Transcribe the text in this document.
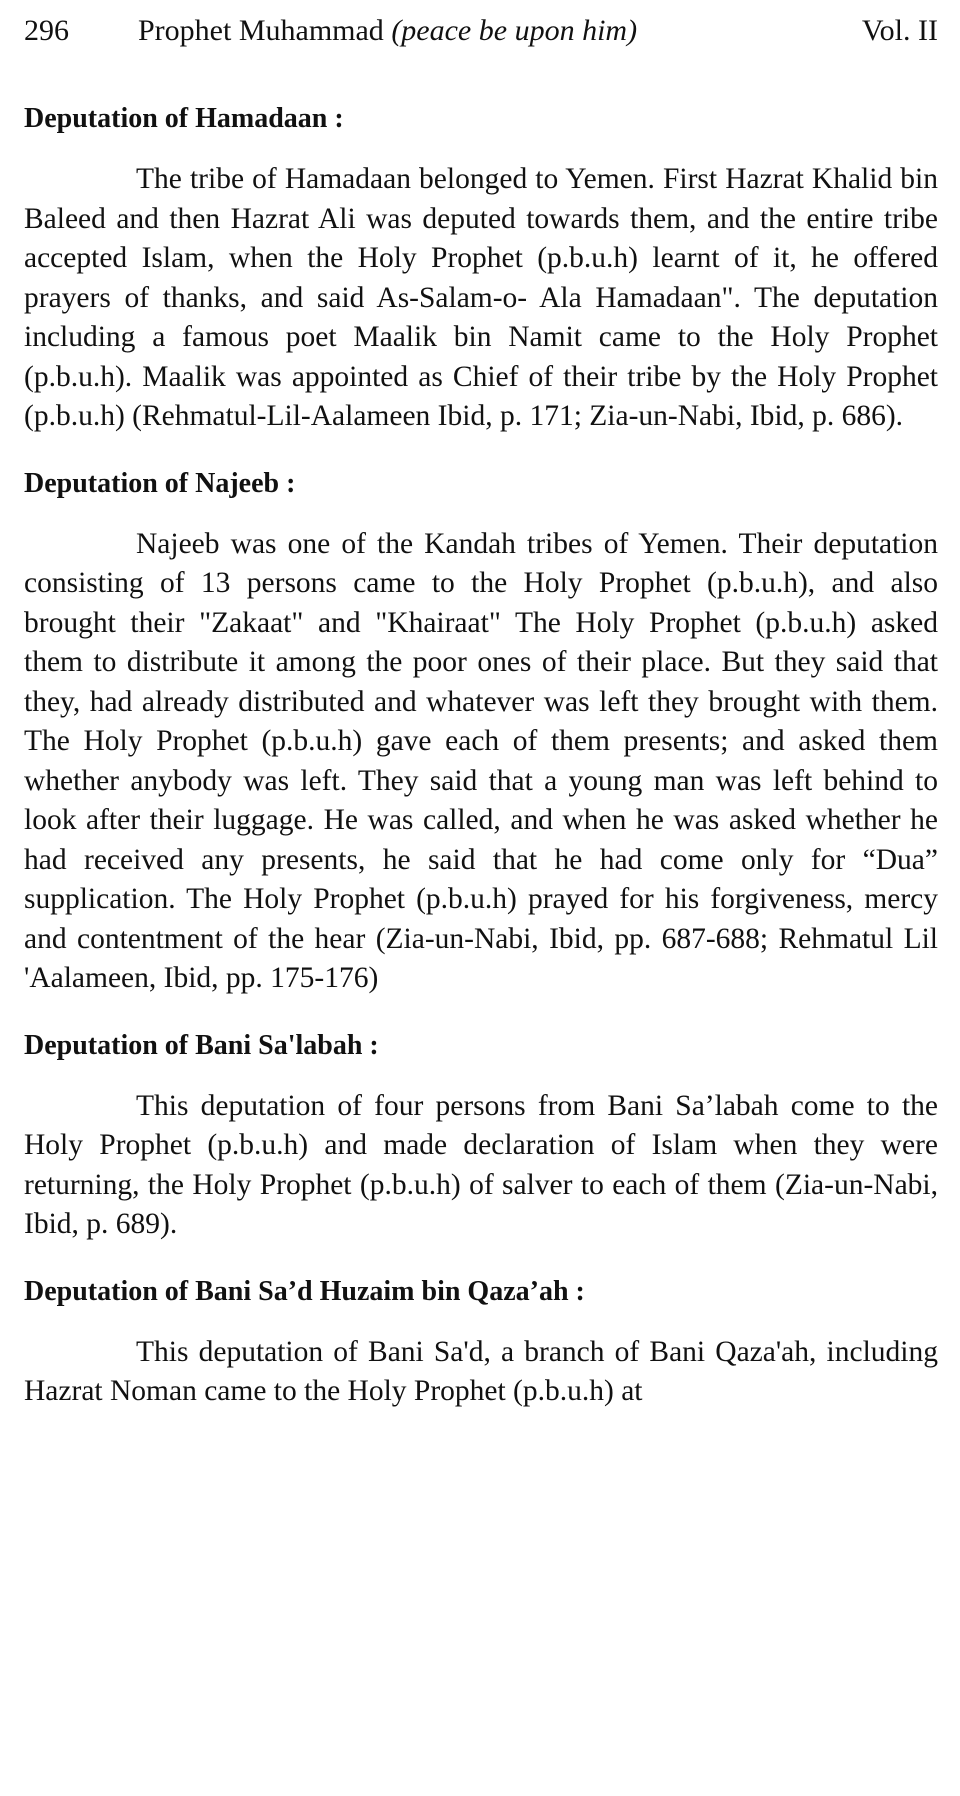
296	Prophet Muhammad (peace be upon him)	Vol. II
Deputation of Hamadaan :

The tribe of Hamadaan belonged to Yemen. First Hazrat Khalid bin Baleed and then Hazrat Ali was deputed towards them, and the entire tribe accepted Islam, when the Holy Prophet (p.b.u.h) learnt of it, he offered prayers of thanks, and said As-Salam-o- Ala Hamadaan". The deputation including a famous poet Maalik bin Namit came to the Holy Prophet (p.b.u.h). Maalik was appointed as Chief of their tribe by the Holy Prophet (p.b.u.h) (Rehmatul-Lil-Aalameen Ibid, p. 171; Zia-un-Nabi, Ibid, p. 686).

Deputation of Najeeb :

Najeeb was one of the Kandah tribes of Yemen. Their deputation consisting of 13 persons came to the Holy Prophet (p.b.u.h), and also brought their "Zakaat" and "Khairaat" The Holy Prophet (p.b.u.h) asked them to distribute it among the poor ones of their place. But they said that they, had already distributed and whatever was left they brought with them. The Holy Prophet (p.b.u.h) gave each of them presents; and asked them whether anybody was left. They said that a young man was left behind to look after their luggage. He was called, and when he was asked whether he had received any presents, he said that he had come only for “Dua” supplication. The Holy Prophet (p.b.u.h) prayed for his forgiveness, mercy and contentment of the hear (Zia-un-Nabi, Ibid, pp. 687-688; Rehmatul Lil 'Aalameen, Ibid, pp. 175-176)

Deputation of Bani Sa'labah :

This deputation of four persons from Bani Sa’labah come to the Holy Prophet (p.b.u.h) and made declaration of Islam when they were returning, the Holy Prophet (p.b.u.h) of salver to each of them (Zia-un-Nabi, Ibid, p. 689).

Deputation of Bani Sa’d Huzaim bin Qaza’ah :

This deputation of Bani Sa'd, a branch of Bani Qaza'ah, including Hazrat Noman came to the Holy Prophet (p.b.u.h) at
